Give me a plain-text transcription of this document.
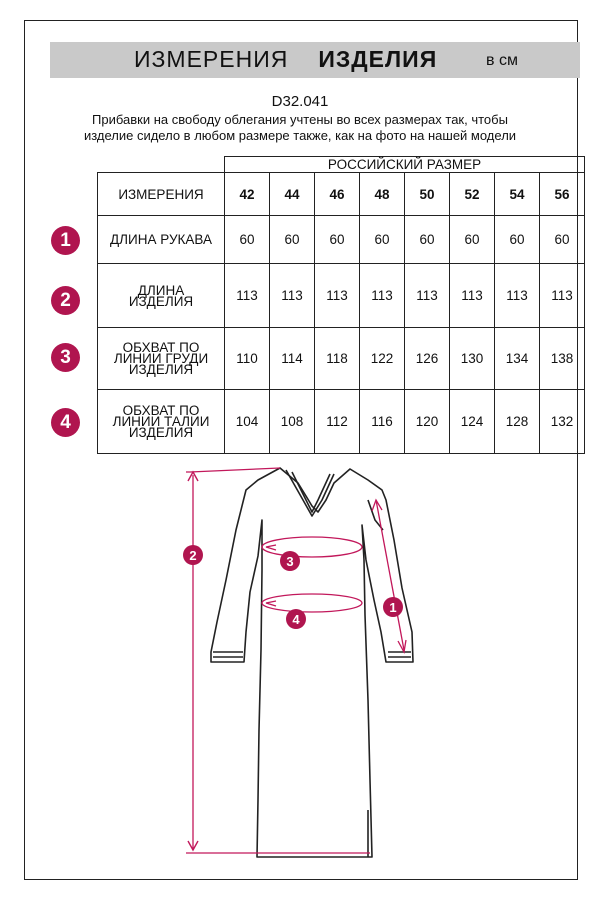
ИЗМЕРЕНИЯ ИЗДЕЛИЯ	в см
D32.041
Прибавки на свободу облегания учтены во всех размерах так, чтобы
изделие сидело в любом размере также, как на фото на нашей модели
	РОССИЙСКИЙ РАЗМЕР							
ИЗМЕРЕНИЯ	42	44	46	48	50	52	54	56
ДЛИНА РУКАВА	60	60	60	60	60	60	60	60
ДЛИНА ИЗДЕЛИЯ	113	113	113	113	113	113	113	113
ОБХВАТ ПО ЛИНИИ ГРУДИ ИЗДЕЛИЯ	110	114	118	122	126	130	134	138
ОБХВАТ ПО ЛИНИИ ТАЛИИ ИЗДЕЛИЯ	104	108	112	116	120	124	128	132
1
2
3
4
2	3
4
1
